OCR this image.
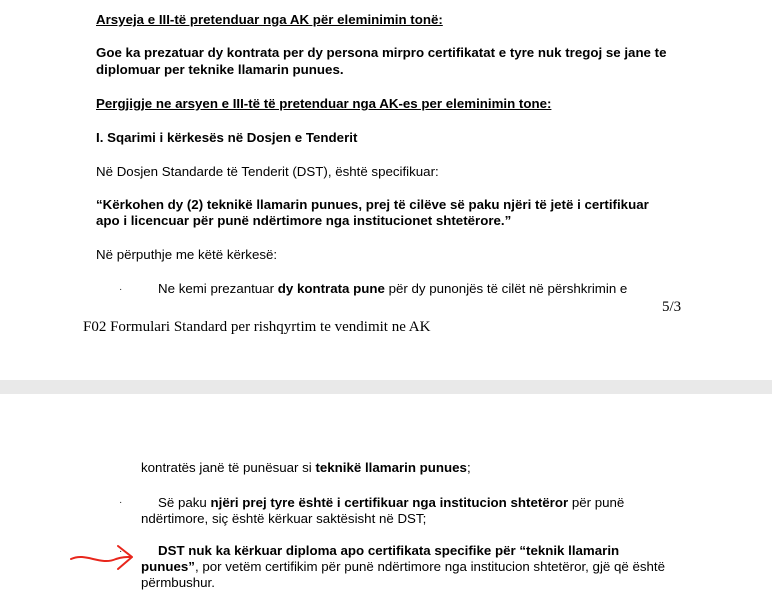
Arsyeja e III-të pretenduar nga AK për eleminimin tonë:
Goe ka prezatuar dy kontrata per dy persona mirpro certifikatat e tyre nuk tregoj se jane te
diplomuar per teknike llamarin punues.
Pergjigje ne arsyen e III-të të pretenduar nga AK-es per eleminimin tone:
I. Sqarimi i kërkesës në Dosjen e Tenderit
Në Dosjen Standarde të Tenderit (DST), është specifikuar:
“Kërkohen dy (2) teknikë llamarin punues, prej të cilëve së paku njëri të jetë i certifikuar
apo i licencuar për punë ndërtimore nga institucionet shtetërore.”
Në përputhje me këtë kërkesë:
·	Ne kemi prezantuar dy kontrata pune për dy punonjës të cilët në përshkrimin e
5/3
F02 Formulari Standard per rishqyrtim te vendimit ne AK
kontratës janë të punësuar si teknikë llamarin punues;
·	Së paku njëri prej tyre është i certifikuar nga institucion shtetëror për punë
ndërtimore, siç është kërkuar saktësisht në DST;
·	DST nuk ka kërkuar diploma apo certifikata specifike për “teknik llamarin
punues”, por vetëm certifikim për punë ndërtimore nga institucion shtetëror, gjë që është
përmbushur.
